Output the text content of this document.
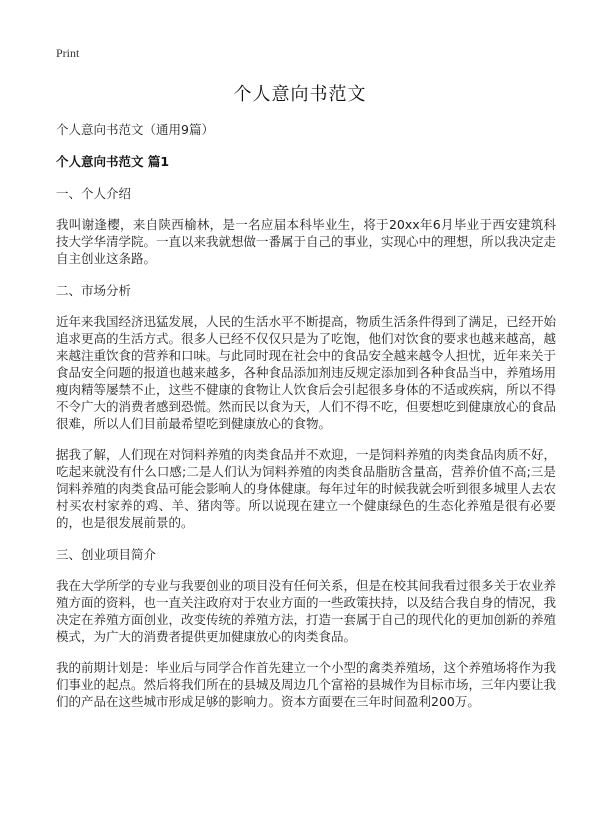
Print
个人意向书范文

个人意向书范文（通用9篇）

个人意向书范文 篇1

一、个人介绍

我叫谢逢樱，来自陕西榆林，是一名应届本科毕业生，将于20xx年6月毕业于西安建筑科技大学华清学院。一直以来我就想做一番属于自己的事业，实现心中的理想，所以我决定走自主创业这条路。

二、市场分析

近年来我国经济迅猛发展，人民的生活水平不断提高，物质生活条件得到了满足，已经开始追求更高的生活方式。很多人已经不仅仅只是为了吃饱，他们对饮食的要求也越来越高，越来越注重饮食的营养和口味。与此同时现在社会中的食品安全越来越令人担忧，近年来关于食品安全问题的报道也越来越多，各种食品添加剂违反规定添加到各种食品当中，养殖场用瘦肉精等屡禁不止，这些不健康的食物让人饮食后会引起很多身体的不适或疾病，所以不得不令广大的消费者感到恐慌。然而民以食为天，人们不得不吃，但要想吃到健康放心的食品很难，所以人们目前最希望吃到健康放心的食物。

据我了解，人们现在对饲料养殖的肉类食品并不欢迎，一是饲料养殖的肉类食品肉质不好，吃起来就没有什么口感;二是人们认为饲料养殖的肉类食品脂肪含量高，营养价值不高;三是饲料养殖的肉类食品可能会影响人的身体健康。每年过年的时候我就会听到很多城里人去农村买农村家养的鸡、羊、猪肉等。所以说现在建立一个健康绿色的生态化养殖是很有必要的，也是很发展前景的。

三、创业项目简介

我在大学所学的专业与我要创业的项目没有任何关系，但是在校其间我看过很多关于农业养殖方面的资料，也一直关注政府对于农业方面的一些政策扶持，以及结合我自身的情况，我决定在养殖方面创业，改变传统的养殖方法，打造一套属于自己的现代化的更加创新的养殖模式，为广大的消费者提供更加健康放心的肉类食品。

我的前期计划是：毕业后与同学合作首先建立一个小型的禽类养殖场，这个养殖场将作为我们事业的起点。然后将我们所在的县城及周边几个富裕的县城作为目标市场，三年内要让我们的产品在这些城市形成足够的影响力。资本方面要在三年时间盈利200万。
